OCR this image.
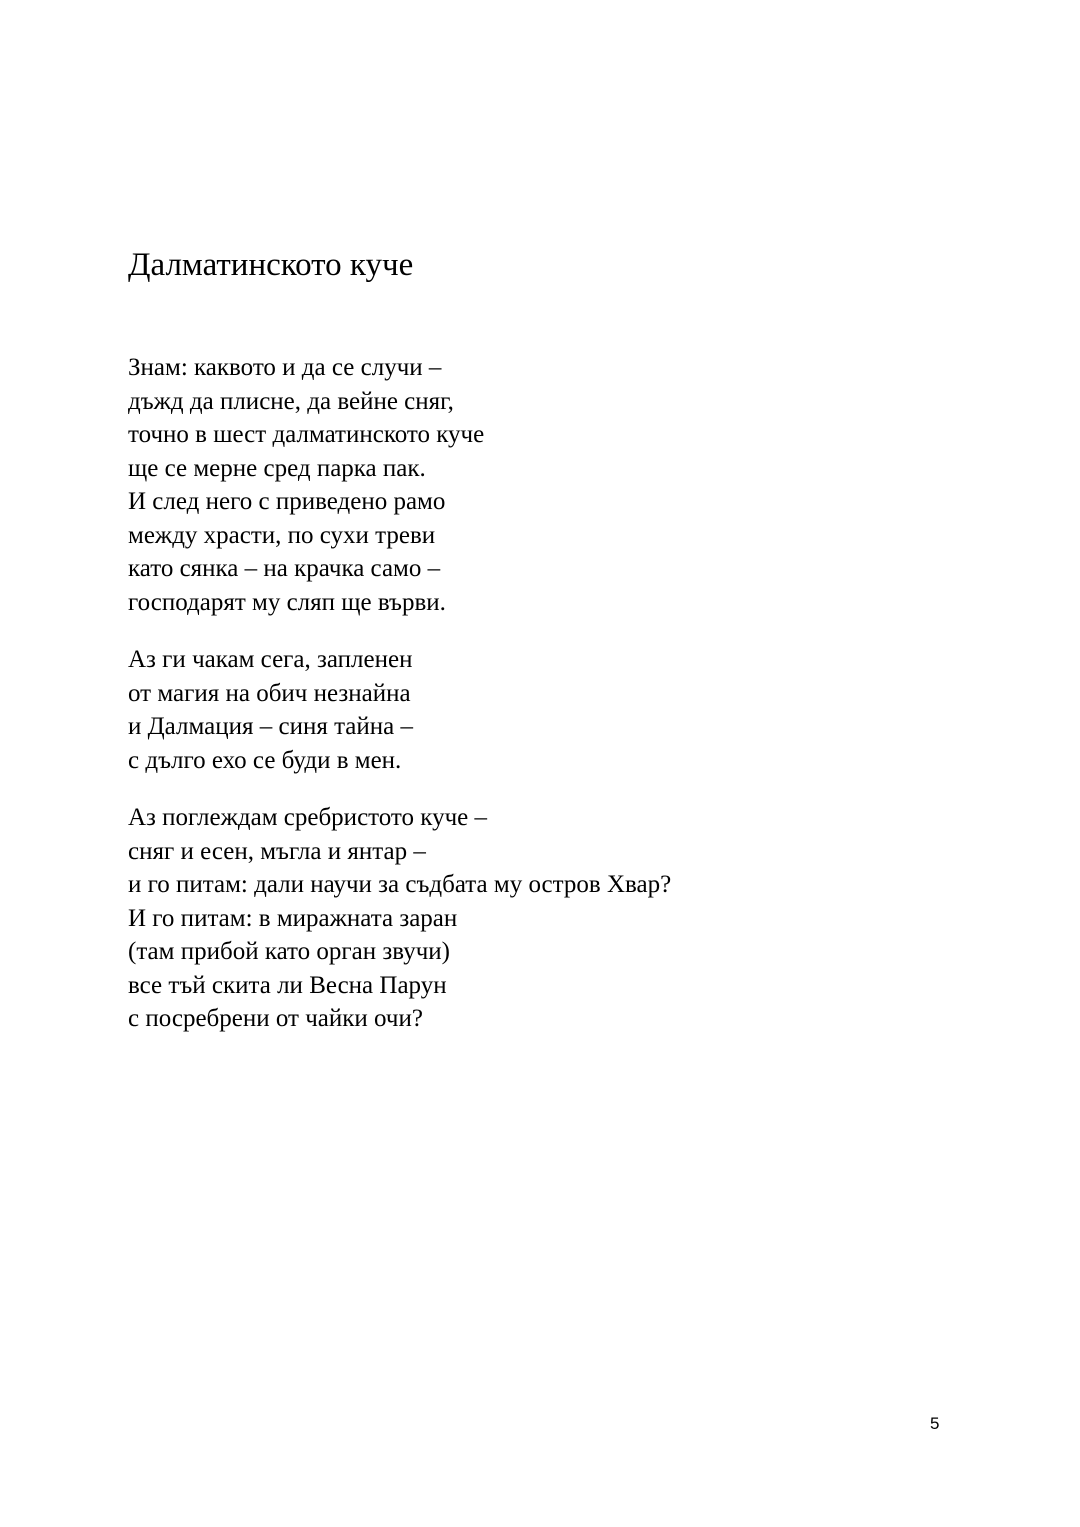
Далматинското куче
Знам: каквото и да се случи –
дъжд да плисне, да вейне сняг,
точно в шест далматинското куче
ще се мерне сред парка пак.
И след него с приведено рамо
между храсти, по сухи треви
като сянка – на крачка само –
господарят му сляп ще върви.
Аз ги чакам сега, запленен
от магия на обич незнайна
и Далмация – синя тайна –
с дълго ехо се буди в мен.
Аз поглеждам сребристото куче –
сняг и есен, мъгла и янтар –
и го питам: дали научи за съдбата му остров Хвар?
И го питам: в миражната заран
(там прибой като орган звучи)
все тъй скита ли Весна Парун
с посребрени от чайки очи?
5
